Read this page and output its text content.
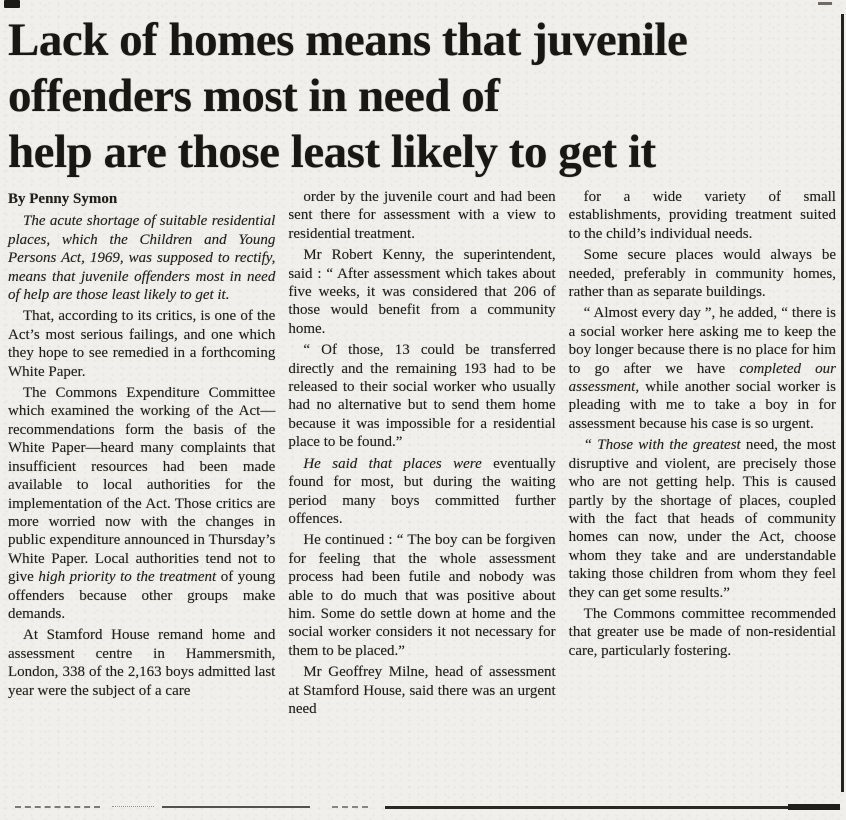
Lack of homes means that juvenile
offenders most in need of
help are those least likely to get it

By Penny Symon

The acute shortage of suitable residential places, which the Children and Young Persons Act, 1969, was supposed to rectify, means that juvenile offenders most in need of help are those least likely to get it.

That, according to its critics, is one of the Act’s most serious failings, and one which they hope to see remedied in a forthcoming White Paper.

The Commons Expenditure Committee which examined the working of the Act—recommendations form the basis of the White Paper—heard many complaints that insufficient resources had been made available to local authorities for the implementation of the Act. Those critics are more worried now with the changes in public expenditure announced in Thursday’s White Paper. Local authorities tend not to give high priority to the treatment of young offenders because other groups make demands.

At Stamford House remand home and assessment centre in Hammersmith, London, 338 of the 2,163 boys admitted last year were the subject of a care

order by the juvenile court and had been sent there for assessment with a view to residential treatment.

Mr Robert Kenny, the superintendent, said : “ After assessment which takes about five weeks, it was considered that 206 of those would benefit from a community home.

“ Of those, 13 could be transferred directly and the remaining 193 had to be released to their social worker who usually had no alternative but to send them home because it was impossible for a residential place to be found.”

He said that places were eventually found for most, but during the waiting period many boys committed further offences.

He continued : “ The boy can be forgiven for feeling that the whole assessment process had been futile and nobody was able to do much that was positive about him. Some do settle down at home and the social worker considers it not necessary for them to be placed.”

Mr Geoffrey Milne, head of assessment at Stamford House, said there was an urgent need

for a wide variety of small establishments, providing treatment suited to the child’s individual needs.

Some secure places would always be needed, preferably in community homes, rather than as separate buildings.

“ Almost every day ”, he added, “ there is a social worker here asking me to keep the boy longer because there is no place for him to go after we have completed our assessment, while another social worker is pleading with me to take a boy in for assessment because his case is so urgent.

“ Those with the greatest need, the most disruptive and violent, are precisely those who are not getting help. This is caused partly by the shortage of places, coupled with the fact that heads of community homes can now, under the Act, choose whom they take and are understandable taking those children from whom they feel they can get some results.”

The Commons committee recommended that greater use be made of non-residential care, particularly fostering.
